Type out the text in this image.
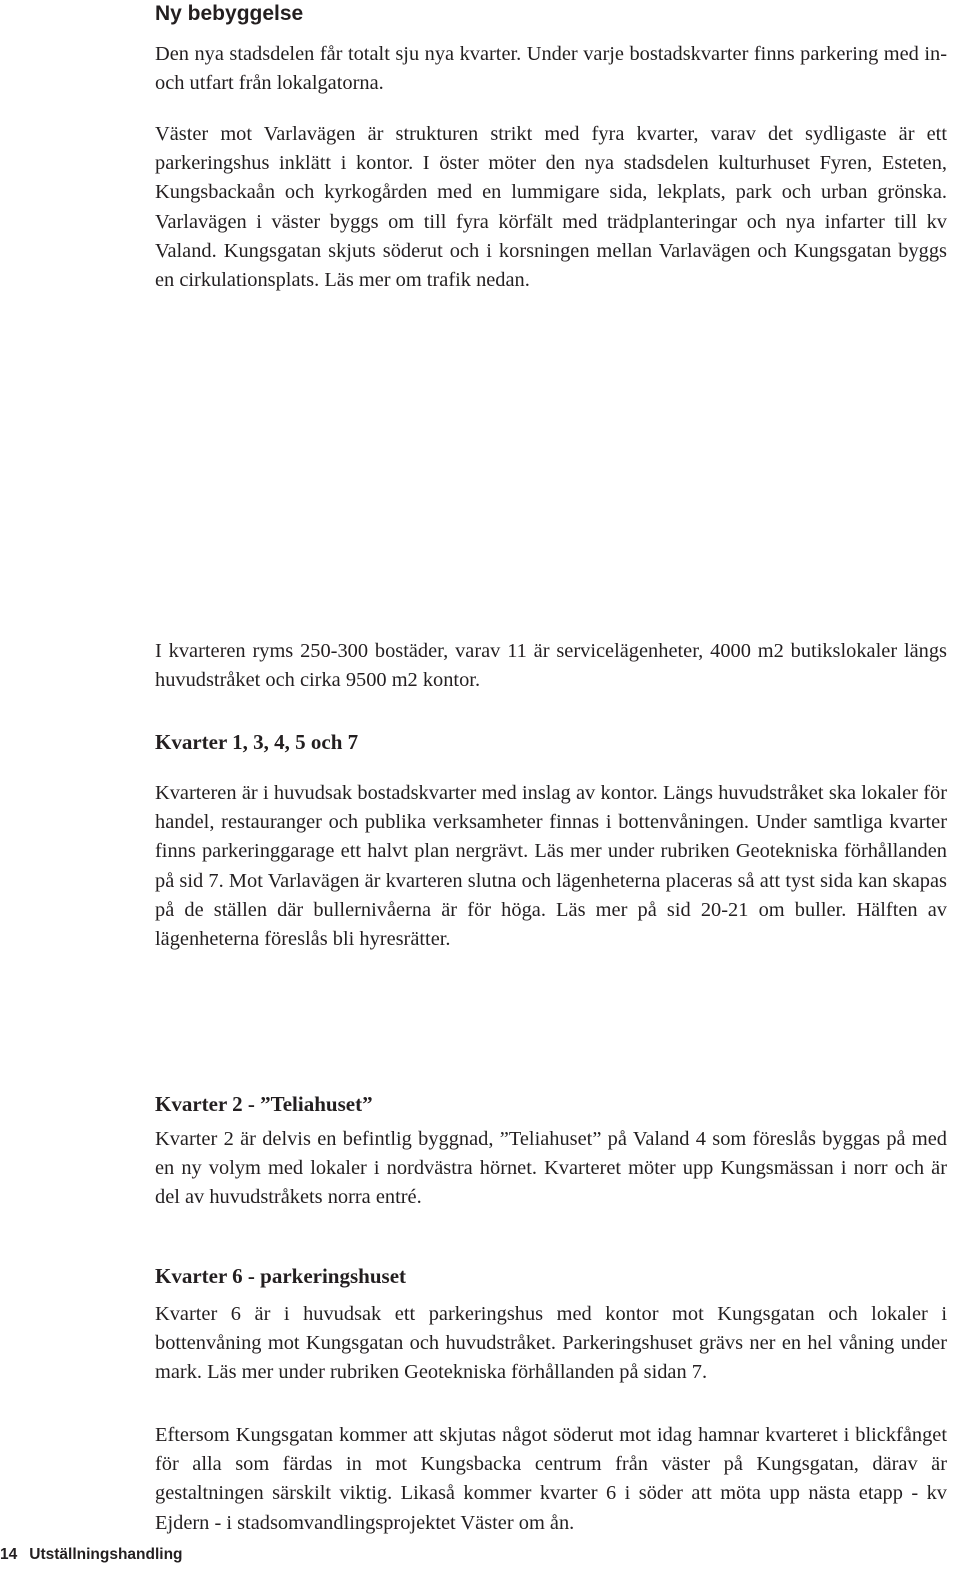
Ny bebyggelse

Den nya stadsdelen får totalt sju nya kvarter. Under varje bostadskvarter finns parkering med in- och utfart från lokalgatorna.

Väster mot Varlavägen är strukturen strikt med fyra kvarter, varav det sydligaste är ett parkeringshus inklätt i kontor. I öster möter den nya stadsdelen kulturhuset Fyren, Esteten, Kungsbackaån och kyrkogården med en lummigare sida, lekplats, park och urban grönska. Varlavägen i väster byggs om till fyra körfält med trädplanteringar och nya infarter till kv Valand. Kungsgatan skjuts söderut och i korsningen mellan Varlavägen och Kungsgatan byggs en cirkulationsplats. Läs mer om trafik nedan.

I kvarteren ryms 250-300 bostäder, varav 11 är servicelägenheter, 4000 m2 butikslokaler längs huvudstråket och cirka 9500 m2 kontor.

Kvarter 1, 3, 4, 5 och 7

Kvarteren är i huvudsak bostadskvarter med inslag av kontor. Längs huvudstråket ska lokaler för handel, restauranger och publika verksamheter finnas i bottenvåningen. Under samtliga kvarter finns parkeringgarage ett halvt plan nergrävt. Läs mer under rubriken Geotekniska förhållanden på sid 7. Mot Varlavägen är kvarteren slutna och lägenheterna placeras så att tyst sida kan skapas på de ställen där bullernivåerna är för höga. Läs mer på sid 20-21 om buller. Hälften av lägenheterna föreslås bli hyresrätter.

Kvarter 2 - ”Teliahuset”

Kvarter 2 är delvis en befintlig byggnad, ”Teliahuset” på Valand 4 som föreslås byggas på med en ny volym med lokaler i nordvästra hörnet. Kvarteret möter upp Kungsmässan i norr och är del av huvudstråkets norra entré.

Kvarter 6 - parkeringshuset

Kvarter 6 är i huvudsak ett parkeringshus med kontor mot Kungsgatan och lokaler i bottenvåning mot Kungsgatan och huvudstråket. Parkeringshuset grävs ner en hel våning under mark. Läs mer under rubriken Geotekniska förhållanden på sidan 7.

Eftersom Kungsgatan kommer att skjutas något söderut mot idag hamnar kvarteret i blickfånget för alla som färdas in mot Kungsbacka centrum från väster på Kungsgatan, därav är gestaltningen särskilt viktig. Likaså kommer kvarter 6 i söder att möta upp nästa etapp - kv Ejdern - i stadsomvandlingsprojektet Väster om ån.

14 Utställningshandling
